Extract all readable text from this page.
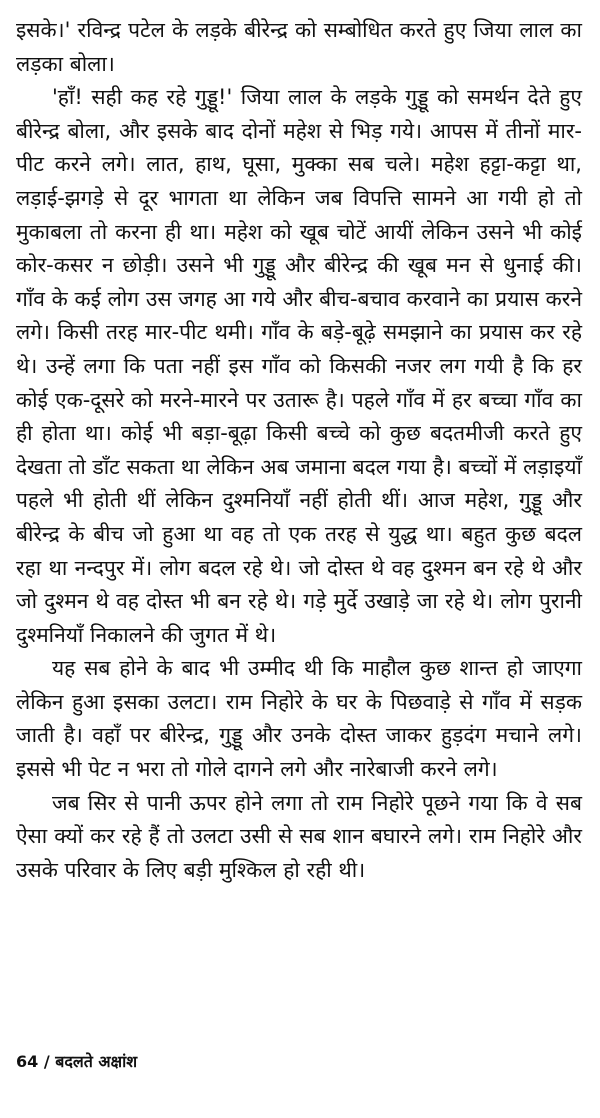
इसके।' रविन्द्र पटेल के लड़के बीरेन्द्र को सम्बोधित करते हुए जिया लाल का लड़का बोला।

'हाँ! सही कह रहे गुड्डू!' जिया लाल के लड़के गुड्डू को समर्थन देते हुए बीरेन्द्र बोला, और इसके बाद दोनों महेश से भिड़ गये। आपस में तीनों मार-पीट करने लगे। लात, हाथ, घूसा, मुक्का सब चले। महेश हट्टा-कट्टा था, लड़ाई-झगड़े से दूर भागता था लेकिन जब विपत्ति सामने आ गयी हो तो मुकाबला तो करना ही था। महेश को खूब चोटें आयीं लेकिन उसने भी कोई कोर-कसर न छोड़ी। उसने भी गुड्डू और बीरेन्द्र की खूब मन से धुनाई की। गाँव के कई लोग उस जगह आ गये और बीच-बचाव करवाने का प्रयास करने लगे। किसी तरह मार-पीट थमी। गाँव के बड़े-बूढ़े समझाने का प्रयास कर रहे थे। उन्हें लगा कि पता नहीं इस गाँव को किसकी नजर लग गयी है कि हर कोई एक-दूसरे को मरने-मारने पर उतारू है। पहले गाँव में हर बच्चा गाँव का ही होता था। कोई भी बड़ा-बूढ़ा किसी बच्चे को कुछ बदतमीजी करते हुए देखता तो डाँट सकता था लेकिन अब जमाना बदल गया है। बच्चों में लड़ाइयाँ पहले भी होती थीं लेकिन दुश्मनियाँ नहीं होती थीं। आज महेश, गुड्डू और बीरेन्द्र के बीच जो हुआ था वह तो एक तरह से युद्ध था। बहुत कुछ बदल रहा था नन्दपुर में। लोग बदल रहे थे। जो दोस्त थे वह दुश्मन बन रहे थे और जो दुश्मन थे वह दोस्त भी बन रहे थे। गड़े मुर्दे उखाड़े जा रहे थे। लोग पुरानी दुश्मनियाँ निकालने की जुगत में थे।

यह सब होने के बाद भी उम्मीद थी कि माहौल कुछ शान्त हो जाएगा लेकिन हुआ इसका उलटा। राम निहोरे के घर के पिछवाड़े से गाँव में सड़क जाती है। वहाँ पर बीरेन्द्र, गुड्डू और उनके दोस्त जाकर हुड़दंग मचाने लगे। इससे भी पेट न भरा तो गोले दागने लगे और नारेबाजी करने लगे।

जब सिर से पानी ऊपर होने लगा तो राम निहोरे पूछने गया कि वे सब ऐसा क्यों कर रहे हैं तो उलटा उसी से सब शान बघारने लगे। राम निहोरे और उसके परिवार के लिए बड़ी मुश्किल हो रही थी।

64 / बदलते अक्षांश
